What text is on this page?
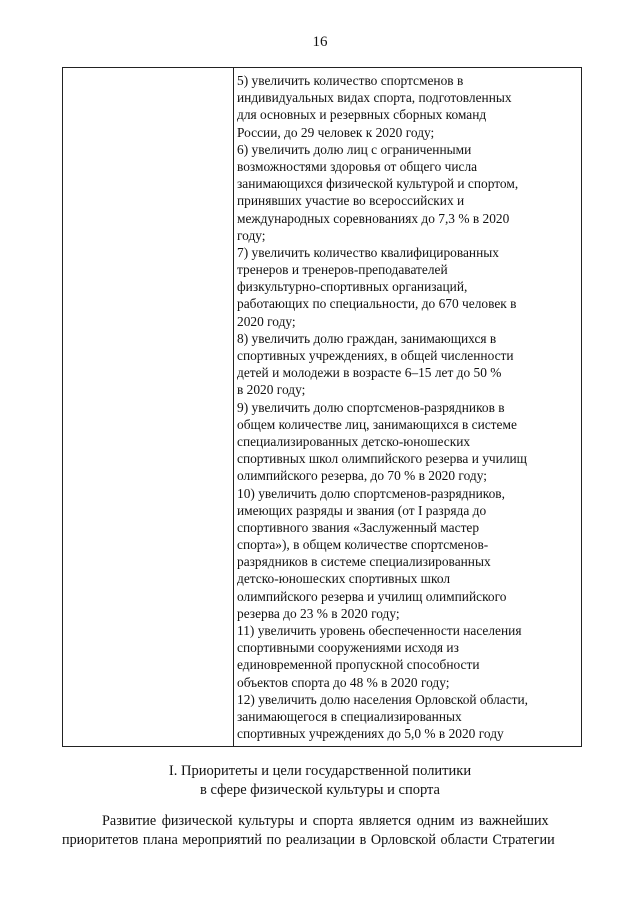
16
5) увеличить количество спортсменов в
индивидуальных видах спорта, подготовленных
для основных и резервных сборных команд
России, до 29 человек к 2020 году;
6) увеличить долю лиц с ограниченными
возможностями здоровья от общего числа
занимающихся физической культурой и спортом,
принявших участие во всероссийских и
международных соревнованиях до 7,3 % в 2020
году;
7) увеличить количество квалифицированных
тренеров и тренеров-преподавателей
физкультурно-спортивных организаций,
работающих по специальности, до 670 человек в
2020 году;
8) увеличить долю граждан, занимающихся в
спортивных учреждениях, в общей численности
детей и молодежи в возрасте 6–15 лет до 50 %
в 2020 году;
9) увеличить долю спортсменов-разрядников в
общем количестве лиц, занимающихся в системе
специализированных детско-юношеских
спортивных школ олимпийского резерва и училищ
олимпийского резерва, до 70 % в 2020 году;
10) увеличить долю спортсменов-разрядников,
имеющих разряды и звания (от I разряда до
спортивного звания «Заслуженный мастер
спорта»), в общем количестве спортсменов-
разрядников в системе специализированных
детско-юношеских спортивных школ
олимпийского резерва и училищ олимпийского
резерва до 23 % в 2020 году;
11) увеличить уровень обеспеченности населения
спортивными сооружениями исходя из
единовременной пропускной способности
объектов спорта до 48 % в 2020 году;
12) увеличить долю населения Орловской области,
занимающегося в специализированных
спортивных учреждениях до 5,0 % в 2020 году
I. Приоритеты и цели государственной политики
в сфере физической культуры и спорта
Развитие физической культуры и спорта является одним из важнейших
приоритетов плана мероприятий по реализации в Орловской области Стратегии
